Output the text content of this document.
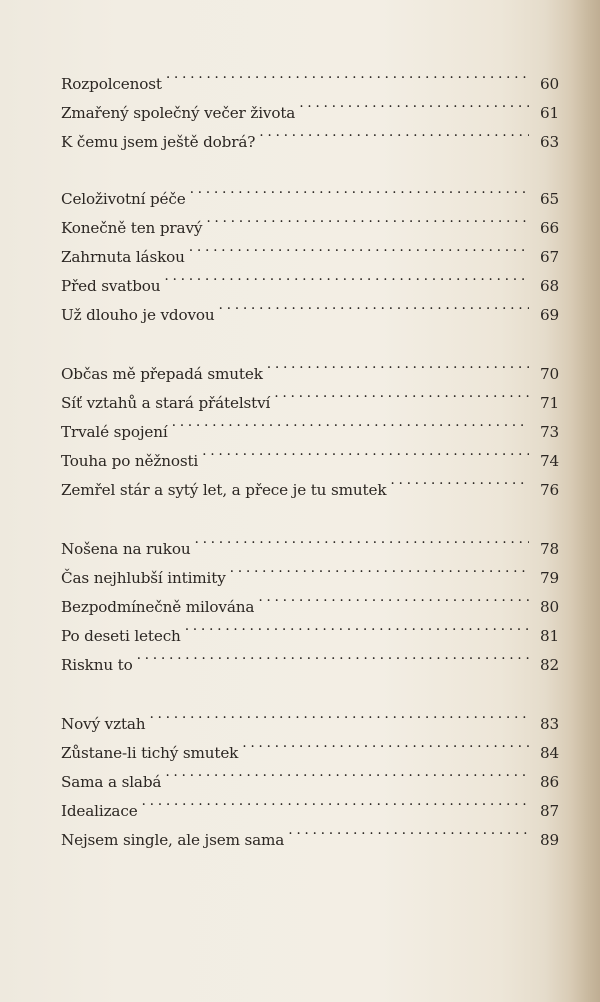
Rozpolcenost . . .	60
Zmařený společný večer života . . .	61
K čemu jsem ještě dobrá? . . .	63
Celoživotní péče . . .	65
Konečně ten pravý . . .	66
Zahrnuta láskou . . .	67
Před svatbou . . .	68
Už dlouho je vdovou . . .	69
Občas mě přepadá smutek . . .	70
Síť vztahů a stará přátelství . . .	71
Trvalé spojení . . .	73
Touha po něžnosti . . .	74
Zemřel stár a sytý let, a přece je tu smutek . . .	76
Nošena na rukou . . .	78
Čas nejhlubší intimity . . .	79
Bezpodmínečně milována . . .	80
Po deseti letech . . .	81
Risknu to . . .	82
Nový vztah . . .	83
Zůstane-li tichý smutek . . .	84
Sama a slabá . . .	86
Idealizace . . .	87
Nejsem single, ale jsem sama . . .	89
